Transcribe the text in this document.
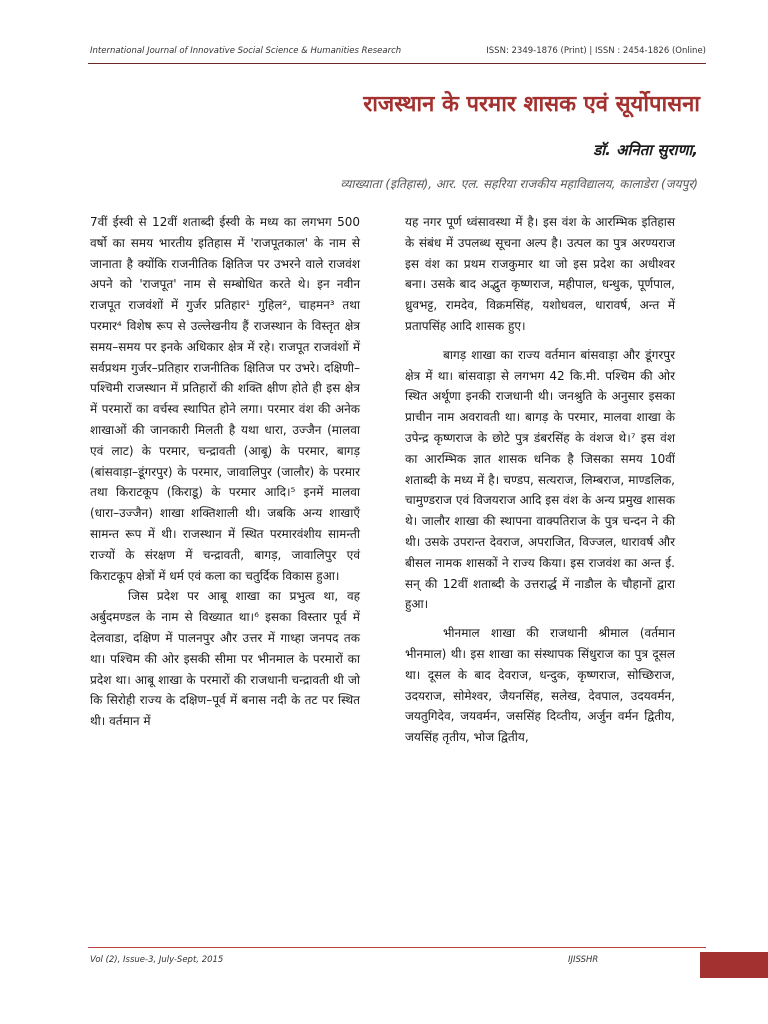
International Journal of Innovative Social Science & Humanities Research	ISSN: 2349-1876 (Print) | ISSN : 2454-1826 (Online)
राजस्थान के परमार शासक एवं सूर्योपासना
डॉ. अनिता सुराणा,
व्याख्याता (इतिहास), आर. एल. सहरिया राजकीय महाविद्यालय, कालाडेरा (जयपुर)

7वीं ईस्वी से 12वीं शताब्दी ईस्वी के मध्य का लगभग 500 वर्षो का समय भारतीय इतिहास में 'राजपूतकाल' के नाम से जानाता है क्योंकि राजनीतिक क्षितिज पर उभरने वाले राजवंश अपने को 'राजपूत' नाम से सम्बोधित करते थे। इन नवीन राजपूत राजवंशों में गुर्जर प्रतिहार¹ गुहिल², चाहमन³ तथा परमार⁴ विशेष रूप से उल्लेखनीय हैं राजस्थान के विस्तृत क्षेत्र समय–समय पर इनके अधिकार क्षेत्र में रहे। राजपूत राजवंशों में सर्वप्रथम गुर्जर–प्रतिहार राजनीतिक क्षितिज पर उभरे। दक्षिणी–पश्चिमी राजस्थान में प्रतिहारों की शक्ति क्षीण होते ही इस क्षेत्र में परमारों का वर्चस्व स्थापित होने लगा। परमार वंश की अनेक शाखाओं की जानकारी मिलती है यथा धारा, उज्जैन (मालवा एवं लाट) के परमार, चन्द्रावती (आबू) के परमार, बागड़ (बांसवाड़ा–डूंगरपुर) के परमार, जावालिपुर (जालौर) के परमार तथा किराटकूप (किराडू) के परमार आदि।⁵ इनमें मालवा (धारा–उज्जैन) शाखा शक्तिशाली थी। जबकि अन्य शाखाएँ सामन्त रूप में थी। राजस्थान में स्थित परमारवंशीय सामन्ती राज्यों के संरक्षण में चन्द्रावती, बागड़, जावालिपुर एवं किराटकूप क्षेत्रों में धर्म एवं कला का चतुर्दिक विकास हुआ।

जिस प्रदेश पर आबू शाखा का प्रभुत्व था, वह अर्बुदमण्डल के नाम से विख्यात था।⁶ इसका विस्तार पूर्व में देलवाडा, दक्षिण में पालनपुर और उत्तर में गाध्हा जनपद तक था। पश्चिम की ओर इसकी सीमा पर भीनमाल के परमारों का प्रदेश था। आबू शाखा के परमारों की राजधानी चन्द्रावती थी जो कि सिरोही राज्य के दक्षिण–पूर्व में बनास नदी के तट पर स्थित थी। वर्तमान में

यह नगर पूर्ण ध्वंसावस्था में है। इस वंश के आरम्भिक इतिहास के संबंध में उपलब्ध सूचना अल्प है। उत्पल का पुत्र अरण्यराज इस वंश का प्रथम राजकुमार था जो इस प्रदेश का अधीश्वर बना। उसके बाद अद्भुत कृष्णराज, महीपाल, धन्धुक, पूर्णपाल, ध्रुवभट्ट, रामदेव, विक्रमसिंह, यशोधवल, धारावर्ष, अन्त में प्रतापसिंह आदि शासक हुए।

बागड़ शाखा का राज्य वर्तमान बांसवाड़ा और डूंगरपुर क्षेत्र में था। बांसवाड़ा से लगभग 42 कि.मी. पश्चिम की ओर स्थित अर्थूणा इनकी राजधानी थी। जनश्रुति के अनुसार इसका प्राचीन नाम अवरावती था। बागड़ के परमार, मालवा शाखा के उपेन्द्र कृष्णराज के छोटे पुत्र डंबरसिंह के वंशज थे।⁷ इस वंश का आरम्भिक ज्ञात शासक धनिक है जिसका समय 10वीं शताब्दी के मध्य में है। चण्डप, सत्यराज, लिम्बराज, माण्डलिक, चामुण्डराज एवं विजयराज आदि इस वंश के अन्य प्रमुख शासक थे। जालौर शाखा की स्थापना वाक्पतिराज के पुत्र चन्दन ने की थी। उसके उपरान्त देवराज, अपराजित, विज्जल, धारावर्ष और बीसल नामक शासकों ने राज्य किया। इस राजवंश का अन्त ई. सन् की 12वीं शताब्दी के उत्तरार्द्ध में नाडौल के चौहानों द्वारा हुआ।

भीनमाल शाखा की राजधानी श्रीमाल (वर्तमान भीनमाल) थी। इस शाखा का संस्थापक सिंधुराज का पुत्र दूसल था। दूसल के बाद देवराज, धन्दुक, कृष्णराज, सोच्छिराज, उदयराज, सोमेश्वर, जैयनसिंह, सलेख, देवपाल, उदयवर्मन, जयतुगिदेव, जयवर्मन, जससिंह दिव्तीय, अर्जुन वर्मन द्वितीय, जयसिंह तृतीय, भोज द्वितीय,

Vol (2), Issue-3, July-Sept, 2015	IJISSHR
